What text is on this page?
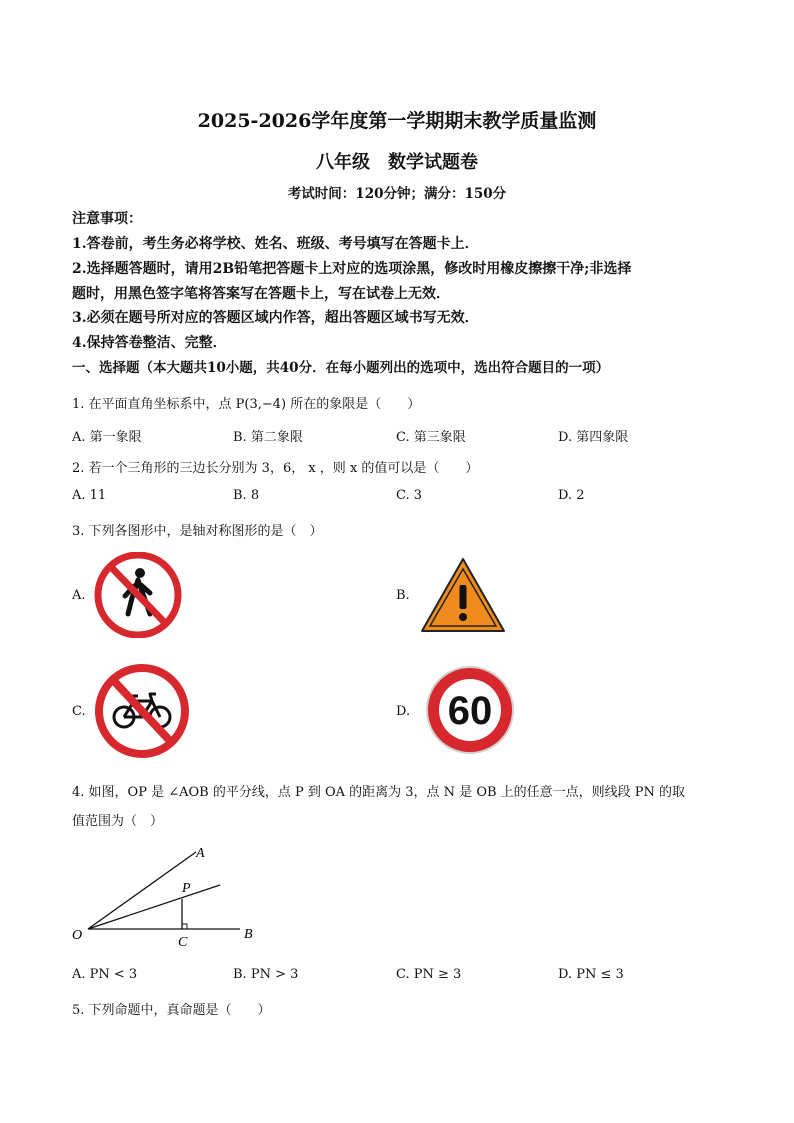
2025-2026学年度第一学期期末教学质量监测
八年级　数学试题卷
考试时间：120分钟；满分：150分
注意事项：
1.答卷前，考生务必将学校、姓名、班级、考号填写在答题卡上．
2.选择题答题时，请用2B铅笔把答题卡上对应的选项涂黑，修改时用橡皮擦擦干净;非选择
题时，用黑色签字笔将答案写在答题卡上，写在试卷上无效．
3.必须在题号所对应的答题区域内作答，超出答题区域书写无效．
4.保持答卷整洁、完整．
一、选择题（本大题共10小题，共40分．在每小题列出的选项中，选出符合题目的一项）
1. 在平面直角坐标系中，点 P(3,−4) 所在的象限是（　　）
A. 第一象限	B. 第二象限	C. 第三象限	D. 第四象限
2. 若一个三角形的三边长分别为 3，6， x ，则 x 的值可以是（　　）
A. 11	B. 8	C. 3	D. 2
3. 下列各图形中，是轴对称图形的是（　）
A.	B.
C.	D. 60
4. 如图，OP 是 ∠AOB 的平分线，点 P 到 OA 的距离为 3，点 N 是 OB 上的任意一点，则线段 PN 的取
值范围为（　）
A
P
O	C
B
A. PN < 3	B. PN > 3	C. PN ≥ 3	D. PN ≤ 3
5. 下列命题中，真命题是（　　）
